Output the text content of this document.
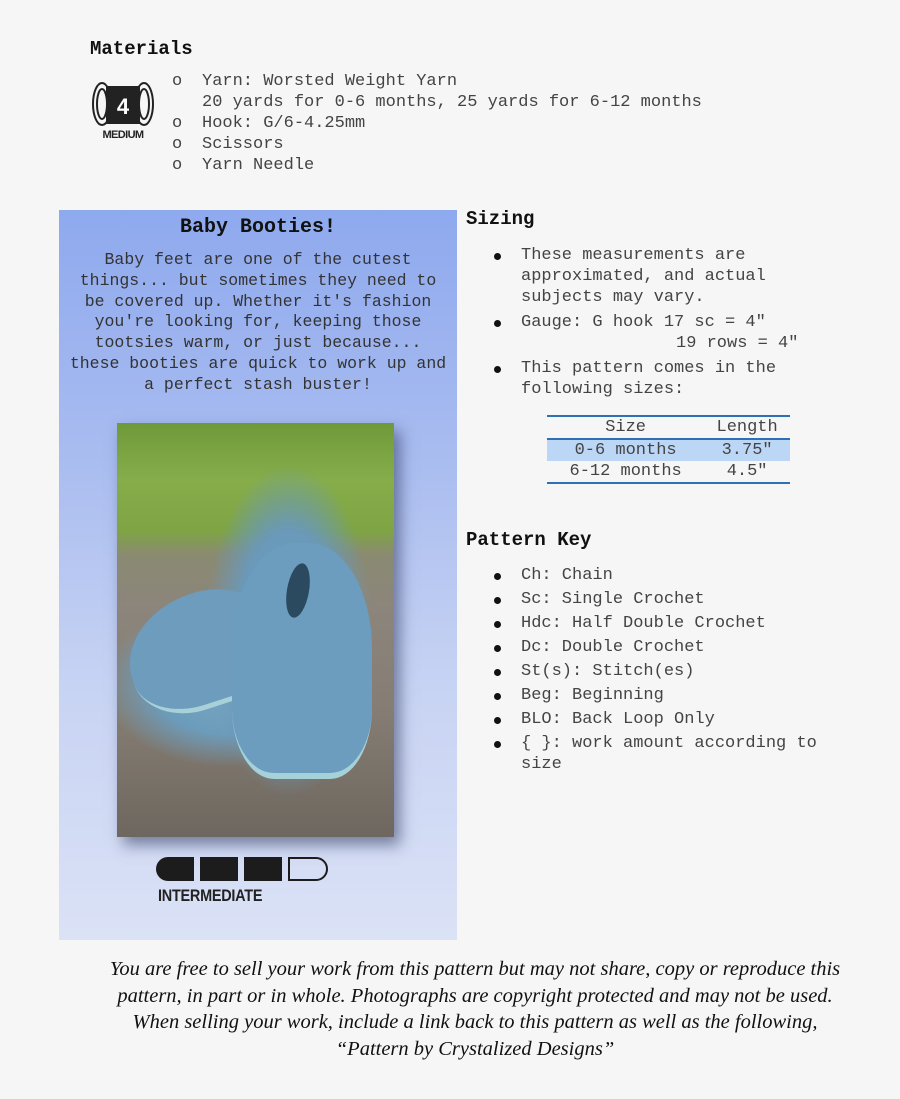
Materials
4
MEDIUM
o Yarn: Worsted Weight Yarn
20 yards for 0-6 months, 25 yards for 6-12 months
o Hook: G/6-4.25mm
o Scissors
o Yarn Needle
Baby Booties!
Baby feet are one of the cutest things... but sometimes they need to be covered up. Whether it's fashion you're looking for, keeping those tootsies warm, or just because... these booties are quick to work up and a perfect stash buster!
INTERMEDIATE
Sizing
These measurements are approximated, and actual subjects may vary.
Gauge: G hook 17 sc = 4"
19 rows = 4"
This pattern comes in the following sizes:
Size	Length
0-6 months	3.75"
6-12 months	4.5"
Pattern Key
Ch: Chain
Sc: Single Crochet
Hdc: Half Double Crochet
Dc: Double Crochet
St(s): Stitch(es)
Beg: Beginning
BLO: Back Loop Only
{ }: work amount according to size
You are free to sell your work from this pattern but may not share, copy or reproduce this pattern, in part or in whole. Photographs are copyright protected and may not be used. When selling your work, include a link back to this pattern as well as the following, “Pattern by Crystalized Designs”
